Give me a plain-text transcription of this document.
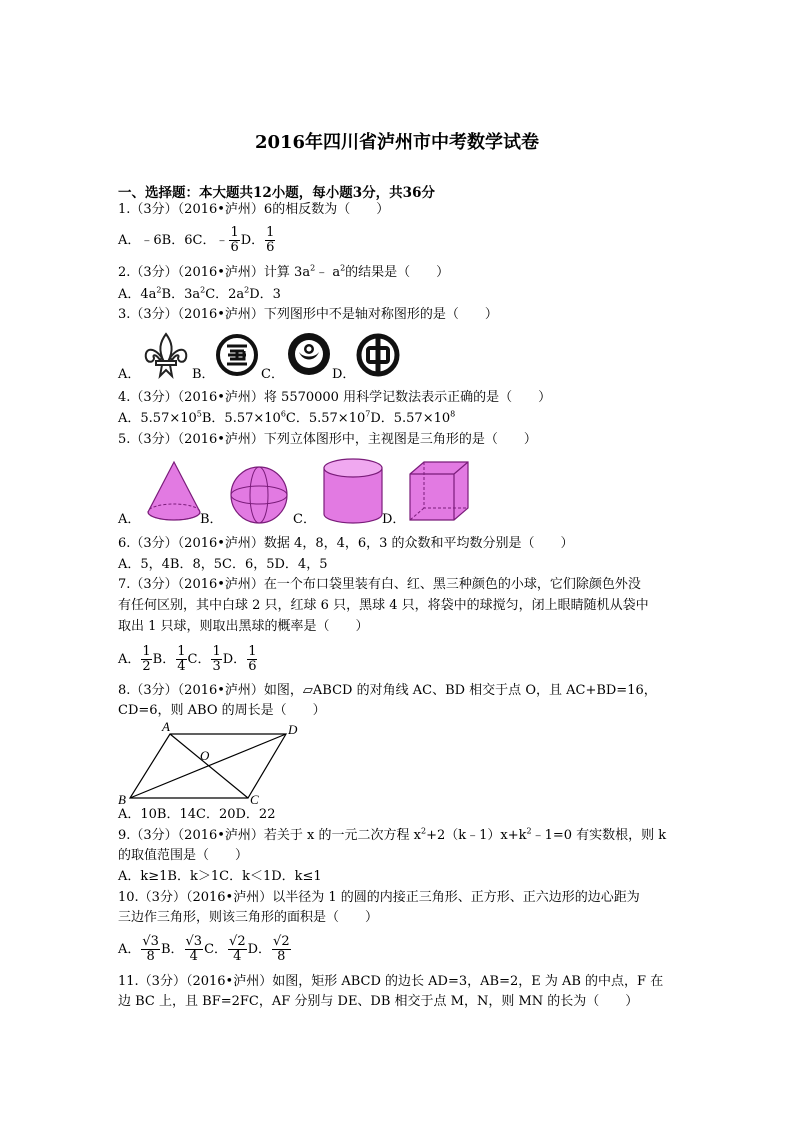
2016年四川省泸州市中考数学试卷
一、选择题：本大题共12小题，每小题3分，共36分
1.（3分）（2016•泸州）6的相反数为（　　）
A．﹣6B．6C．﹣ $\frac{1}{6}$ D． $\frac{1}{6}$
2.（3分）（2016•泸州）计算 $3a^2﹣$ $a^2$的结果是（　　）
A．$4a^2B$．$3a^2C$．$2a^2D$．3
3.（3分）（2016•泸州）下列图形中不是轴对称图形的是（　　）
A．	B．	C．	D．
4.（3分）（2016•泸州）将 5570000 用科学记数法表示正确的是（　　）
A．$5.57\times 10^5B$．$5.57\times 10^6C$．$5.57\times 10^7D$．$5.57\times 10^8$
5.（3分）（2016•泸州）下列立体图形中，主视图是三角形的是（　　）
A．	B．	C．	D．
6.（3分）（2016•泸州）数据 4，8，4，6，3 的众数和平均数分别是（　　）
A．5，4B．8，5C．6，5D．4，5
7.（3分）（2016•泸州）在一个布口袋里装有白、红、黑三种颜色的小球，它们除颜色外没
有任何区别，其中白球 2 只，红球 6 只，黑球 4 只，将袋中的球搅匀，闭上眼睛随机从袋中
取出 1 只球，则取出黑球的概率是（　　）
A． $\frac{1}{2}$ B． $\frac{1}{4}$ C． $\frac{1}{3}$ D． $\frac{1}{6}$
8.（3分）（2016•泸州）如图，▱ABCD 的对角线 AC、BD 相交于点 O，且 AC+BD=16，
CD=6，则 ABO 的周长是（　　）
A	D
O
B	C
A．10B．14C．20D．22
9.（3分）（2016•泸州）若关于 x 的一元二次方程 $x^2+2(k﹣1)x+k^2﹣1=0$ 有实数根，则 k
的取值范围是（　　）
A．k≥1B．k＞1C．k＜1D．k≤1
10.（3分）（2016•泸州）以半径为 1 的圆的内接正三角形、正方形、正六边形的边心距为
三边作三角形，则该三角形的面积是（　　）
A． $\frac{√3}{8}$ B． $\frac{√3}{4}$ C． $\frac{√2}{4}$ D． $\frac{√2}{8}$
11.（3分）（2016•泸州）如图，矩形 ABCD 的边长 AD=3，AB=2，E 为 AB 的中点，F 在
边 BC 上，且 BF=2FC，AF 分别与 DE、DB 相交于点 M，N，则 MN 的长为（　　）
